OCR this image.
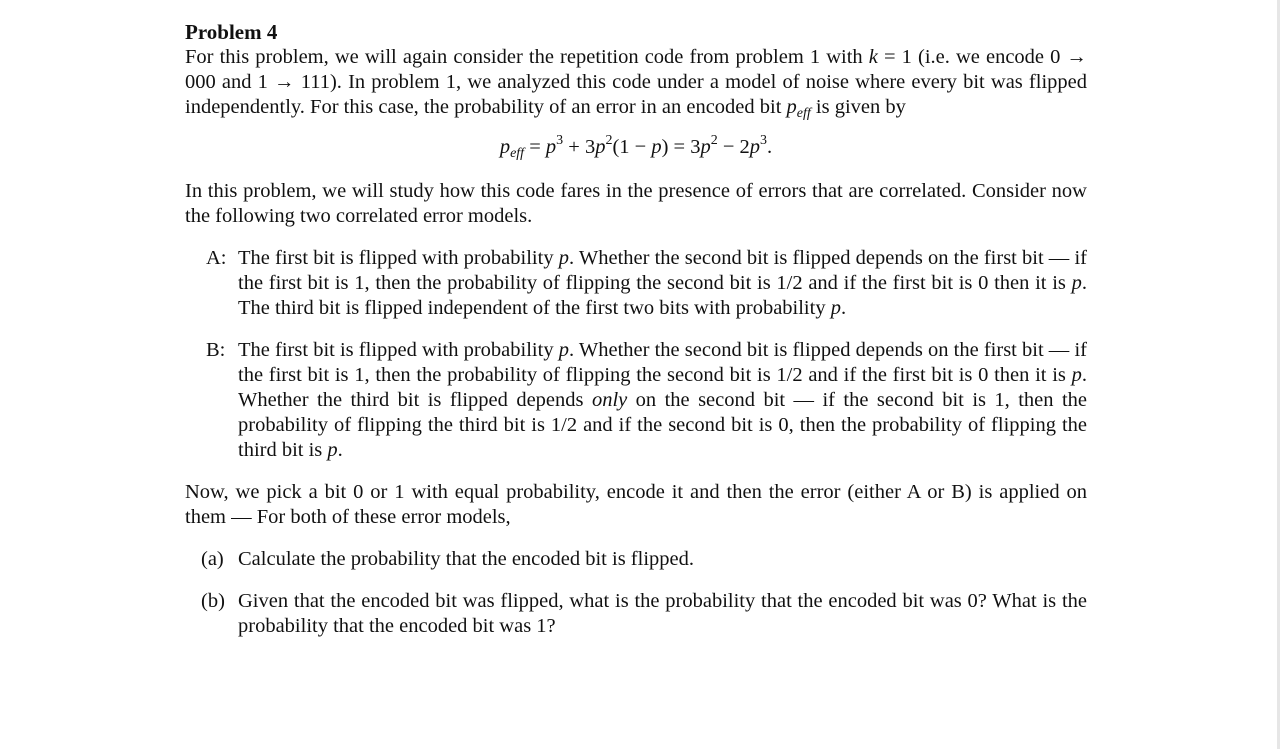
Problem 4

For this problem, we will again consider the repetition code from problem 1 with k = 1 (i.e. we encode 0 → 000 and 1 → 111). In problem 1, we analyzed this code under a model of noise where every bit was flipped independently. For this case, the probability of an error in an encoded bit $p_{eff}$ is given by

$p_{eff} = p^3 + 3p^2(1 - p) = 3p^2 - 2p^3$.

In this problem, we will study how this code fares in the presence of errors that are correlated. Consider now the following two correlated error models.

A: The first bit is flipped with probability p. Whether the second bit is flipped depends on the first bit — if the first bit is 1, then the probability of flipping the second bit is 1/2 and if the first bit is 0 then it is p. The third bit is flipped independent of the first two bits with probability p.
B: The first bit is flipped with probability p. Whether the second bit is flipped depends on the first bit — if the first bit is 1, then the probability of flipping the second bit is 1/2 and if the first bit is 0 then it is p. Whether the third bit is flipped depends only on the second bit — if the second bit is 1, then the probability of flipping the third bit is 1/2 and if the second bit is 0, then the probability of flipping the third bit is p.

Now, we pick a bit 0 or 1 with equal probability, encode it and then the error (either A or B) is applied on them — For both of these error models,

(a) Calculate the probability that the encoded bit is flipped.
(b) Given that the encoded bit was flipped, what is the probability that the encoded bit was 0? What is the probability that the encoded bit was 1?
